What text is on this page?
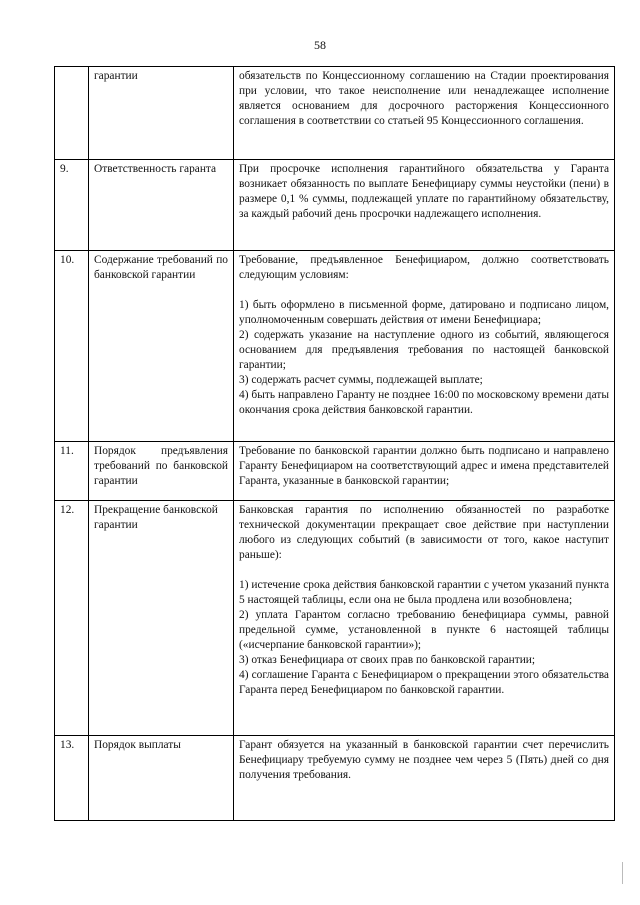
58
	гарантии	обязательств по Концессионному соглашению на Стадии проектирования при условии, что такое неисполнение или ненадлежащее исполнение является основанием для досрочного расторжения Концессионного соглашения в соответствии со статьей 95 Концессионного соглашения.

9.	Ответственность гаранта	При просрочке исполнения гарантийного обязательства у Гаранта возникает обязанность по выплате Бенефициару суммы неустойки (пени) в размере 0,1 % суммы, подлежащей уплате по гарантийному обязательству, за каждый рабочий день просрочки надлежащего исполнения.

10.	Содержание требований по банковской гарантии	Требование, предъявленное Бенефициаром, должно соответствовать следующим условиям:

1) быть оформлено в письменной форме, датировано и подписано лицом, уполномоченным совершать действия от имени Бенефициара;

2) содержать указание на наступление одного из событий, являющегося основанием для предъявления требования по настоящей банковской гарантии;

3) содержать расчет суммы, подлежащей выплате;

4) быть направлено Гаранту не позднее 16:00 по московскому времени даты окончания срока действия банковской гарантии.

11.	Порядок предъявления требований по банковской гарантии	Требование по банковской гарантии должно быть подписано и направлено Гаранту Бенефициаром на соответствующий адрес и имена представителей Гаранта, указанные в банковской гарантии;

12.	Прекращение банковской гарантии	Банковская гарантия по исполнению обязанностей по разработке технической документации прекращает свое действие при наступлении любого из следующих событий (в зависимости от того, какое наступит раньше):

1) истечение срока действия банковской гарантии с учетом указаний пункта 5 настоящей таблицы, если она не была продлена или возобновлена;

2) уплата Гарантом согласно требованию бенефициара суммы, равной предельной сумме, установленной в пункте 6 настоящей таблицы («исчерпание банковской гарантии»);

3) отказ Бенефициара от своих прав по банковской гарантии;

4) соглашение Гаранта с Бенефициаром о прекращении этого обязательства Гаранта перед Бенефициаром по банковской гарантии.

13.	Порядок выплаты	Гарант обязуется на указанный в банковской гарантии счет перечислить Бенефициару требуемую сумму не позднее чем через 5 (Пять) дней со дня получения требования.
